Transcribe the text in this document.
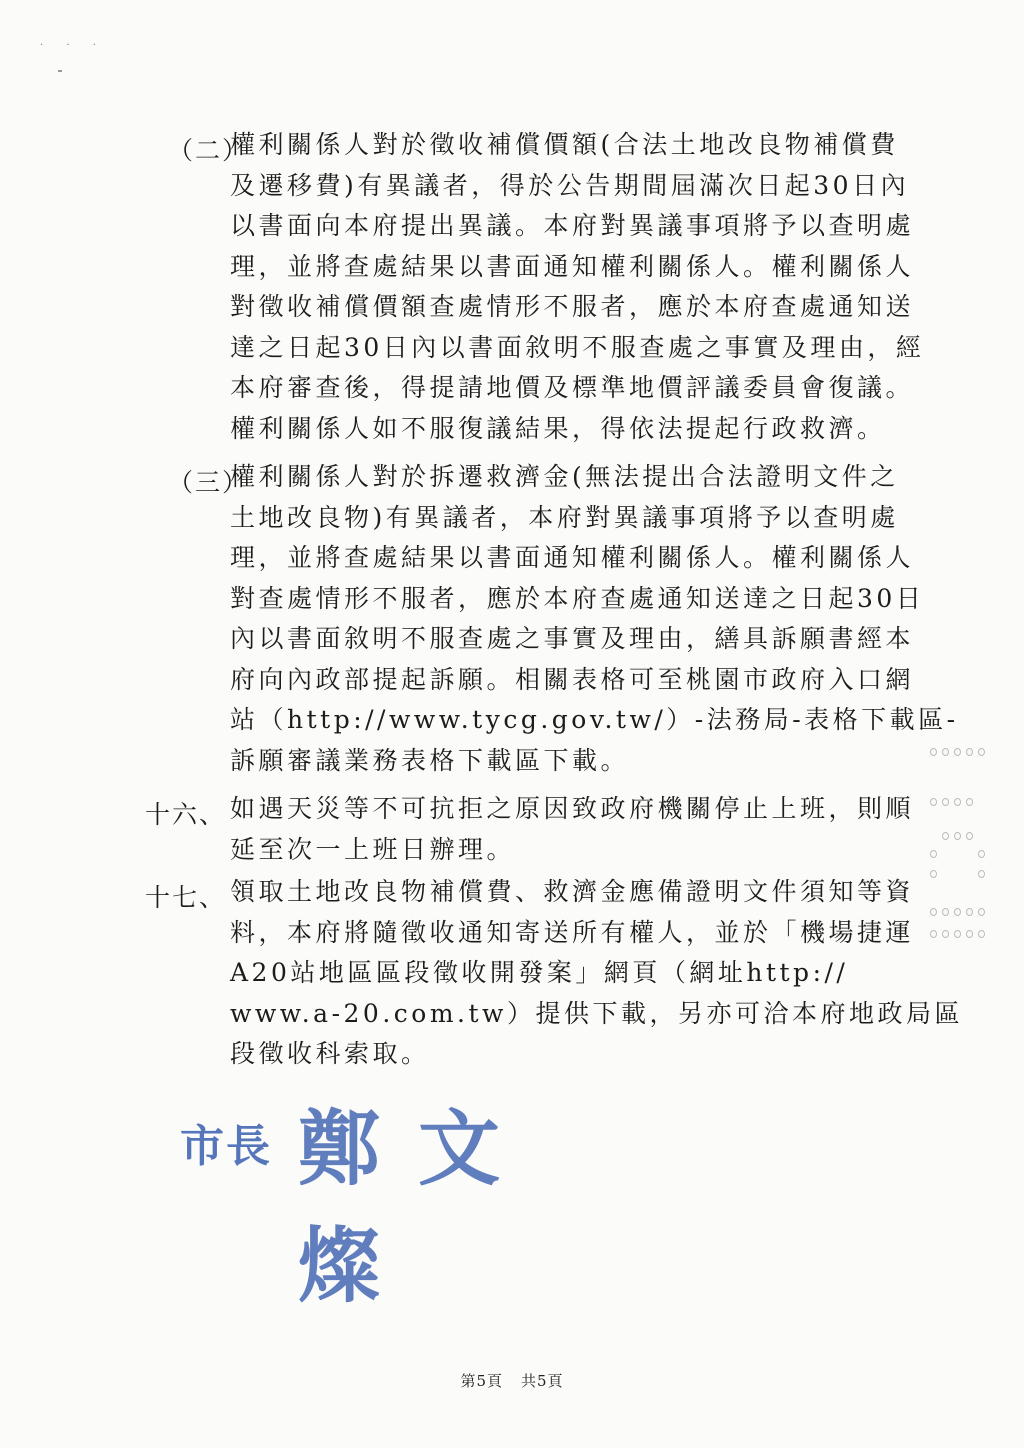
· · ·
（二）
權利關係人對於徵收補償價額(合法土地改良物補償費
及遷移費)有異議者，得於公告期間屆滿次日起30日內
以書面向本府提出異議。本府對異議事項將予以查明處
理，並將查處結果以書面通知權利關係人。權利關係人
對徵收補償價額查處情形不服者，應於本府查處通知送
達之日起30日內以書面敘明不服查處之事實及理由，經
本府審查後，得提請地價及標準地價評議委員會復議。
權利關係人如不服復議結果，得依法提起行政救濟。
（三）
權利關係人對於拆遷救濟金(無法提出合法證明文件之
土地改良物)有異議者，本府對異議事項將予以查明處
理，並將查處結果以書面通知權利關係人。權利關係人
對查處情形不服者，應於本府查處通知送達之日起30日
內以書面敘明不服查處之事實及理由，繕具訴願書經本
府向內政部提起訴願。相關表格可至桃園市政府入口網
站（http://www.tycg.gov.tw/）-法務局-表格下載區-
訴願審議業務表格下載區下載。
十六、 如遇天災等不可抗拒之原因致政府機關停止上班，則順
延至次一上班日辦理。
十七、 領取土地改良物補償費、救濟金應備證明文件須知等資
料，本府將隨徵收通知寄送所有權人，並於「機場捷運
A20站地區區段徵收開發案」網頁（網址http://
www.a-20.com.tw）提供下載，另亦可洽本府地政局區
段徵收科索取。
市長 鄭文燦
第5頁 共5頁
